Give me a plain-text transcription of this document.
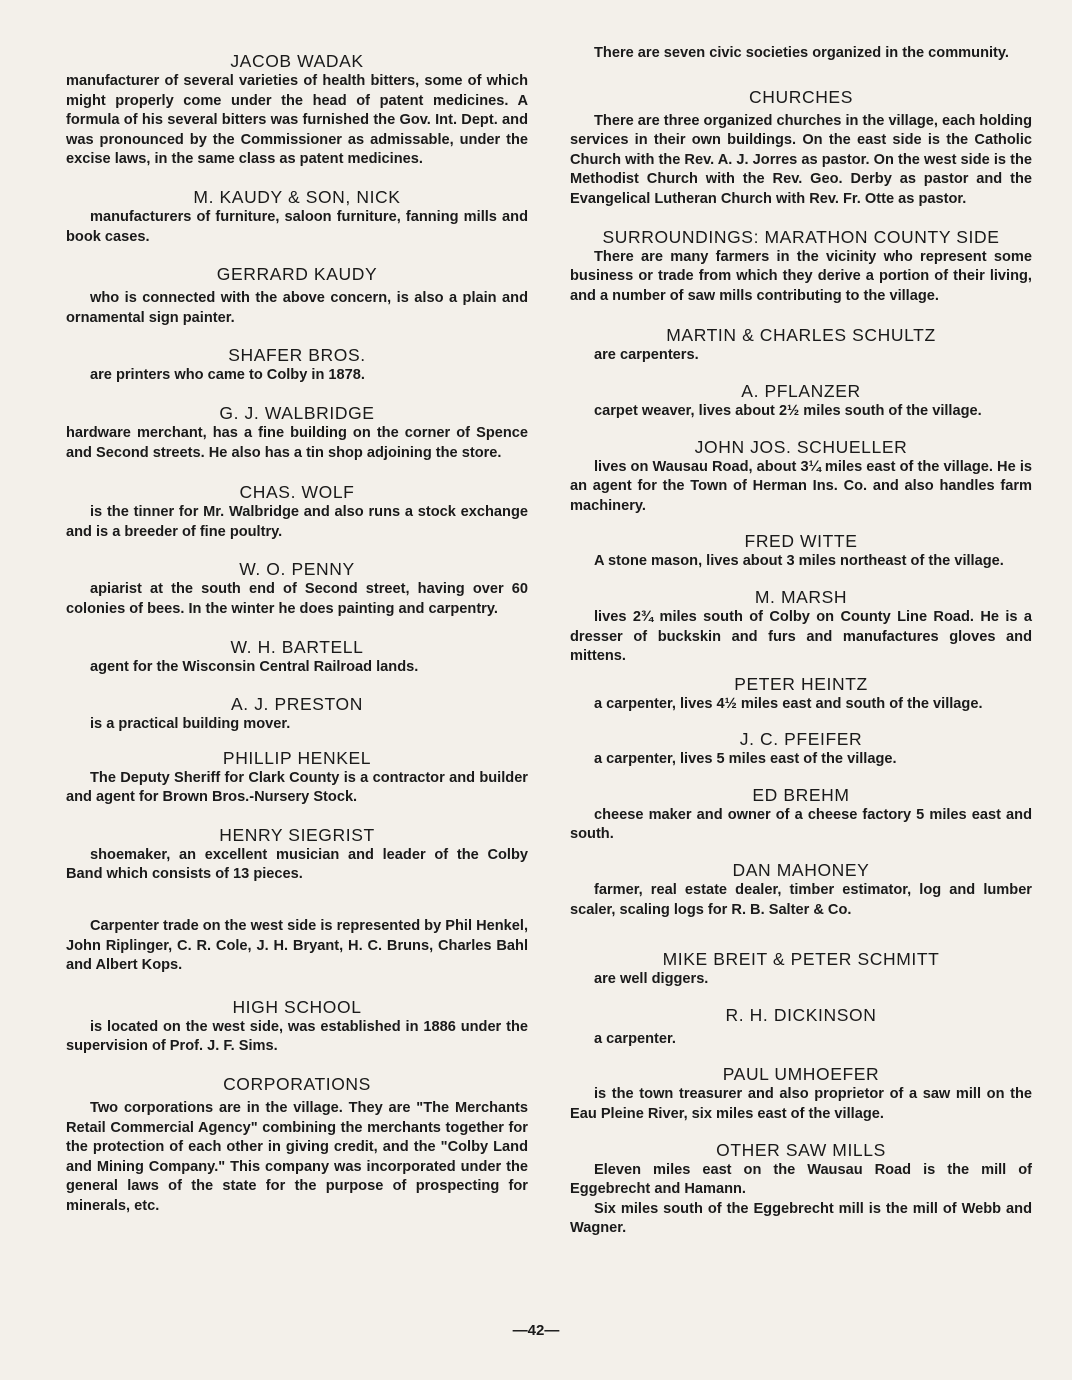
JACOB WADAK

manufacturer of several varieties of health bitters, some of which might properly come under the head of patent medicines. A formula of his several bitters was furnished the Gov. Int. Dept. and was pronounced by the Commissioner as admissable, under the excise laws, in the same class as patent medicines.

M. KAUDY & SON, NICK

manufacturers of furniture, saloon furniture, fanning mills and book cases.

GERRARD KAUDY

who is connected with the above concern, is also a plain and ornamental sign painter.

SHAFER BROS.

are printers who came to Colby in 1878.

G. J. WALBRIDGE

hardware merchant, has a fine building on the corner of Spence and Second streets. He also has a tin shop adjoining the store.

CHAS. WOLF

is the tinner for Mr. Walbridge and also runs a stock exchange and is a breeder of fine poultry.

W. O. PENNY

apiarist at the south end of Second street, having over 60 colonies of bees. In the winter he does painting and carpentry.

W. H. BARTELL

agent for the Wisconsin Central Railroad lands.

A. J. PRESTON

is a practical building mover.

PHILLIP HENKEL

The Deputy Sheriff for Clark County is a contractor and builder and agent for Brown Bros.-Nursery Stock.

HENRY SIEGRIST

shoemaker, an excellent musician and leader of the Colby Band which consists of 13 pieces.

Carpenter trade on the west side is represented by Phil Henkel, John Riplinger, C. R. Cole, J. H. Bryant, H. C. Bruns, Charles Bahl and Albert Kops.

HIGH SCHOOL

is located on the west side, was established in 1886 under the supervision of Prof. J. F. Sims.

CORPORATIONS

Two corporations are in the village. They are "The Merchants Retail Commercial Agency" combining the merchants together for the protection of each other in giving credit, and the "Colby Land and Mining Company." This company was incorporated under the general laws of the state for the purpose of prospecting for minerals, etc.

There are seven civic societies organized in the community.

CHURCHES

There are three organized churches in the village, each holding services in their own buildings. On the east side is the Catholic Church with the Rev. A. J. Jorres as pastor. On the west side is the Methodist Church with the Rev. Geo. Derby as pastor and the Evangelical Lutheran Church with Rev. Fr. Otte as pastor.

SURROUNDINGS: MARATHON COUNTY SIDE

There are many farmers in the vicinity who represent some business or trade from which they derive a portion of their living, and a number of saw mills contributing to the village.

MARTIN & CHARLES SCHULTZ

are carpenters.

A. PFLANZER

carpet weaver, lives about 2½ miles south of the village.

JOHN JOS. SCHUELLER

lives on Wausau Road, about 3¼ miles east of the village. He is an agent for the Town of Herman Ins. Co. and also handles farm machinery.

FRED WITTE

A stone mason, lives about 3 miles northeast of the village.

M. MARSH

lives 2¾ miles south of Colby on County Line Road. He is a dresser of buckskin and furs and manufactures gloves and mittens.

PETER HEINTZ

a carpenter, lives 4½ miles east and south of the village.

J. C. PFEIFER

a carpenter, lives 5 miles east of the village.

ED BREHM

cheese maker and owner of a cheese factory 5 miles east and south.

DAN MAHONEY

farmer, real estate dealer, timber estimator, log and lumber scaler, scaling logs for R. B. Salter & Co.

MIKE BREIT & PETER SCHMITT

are well diggers.

R. H. DICKINSON

a carpenter.

PAUL UMHOEFER

is the town treasurer and also proprietor of a saw mill on the Eau Pleine River, six miles east of the village.

OTHER SAW MILLS

Eleven miles east on the Wausau Road is the mill of Eggebrecht and Hamann.

Six miles south of the Eggebrecht mill is the mill of Webb and Wagner.

—42—
